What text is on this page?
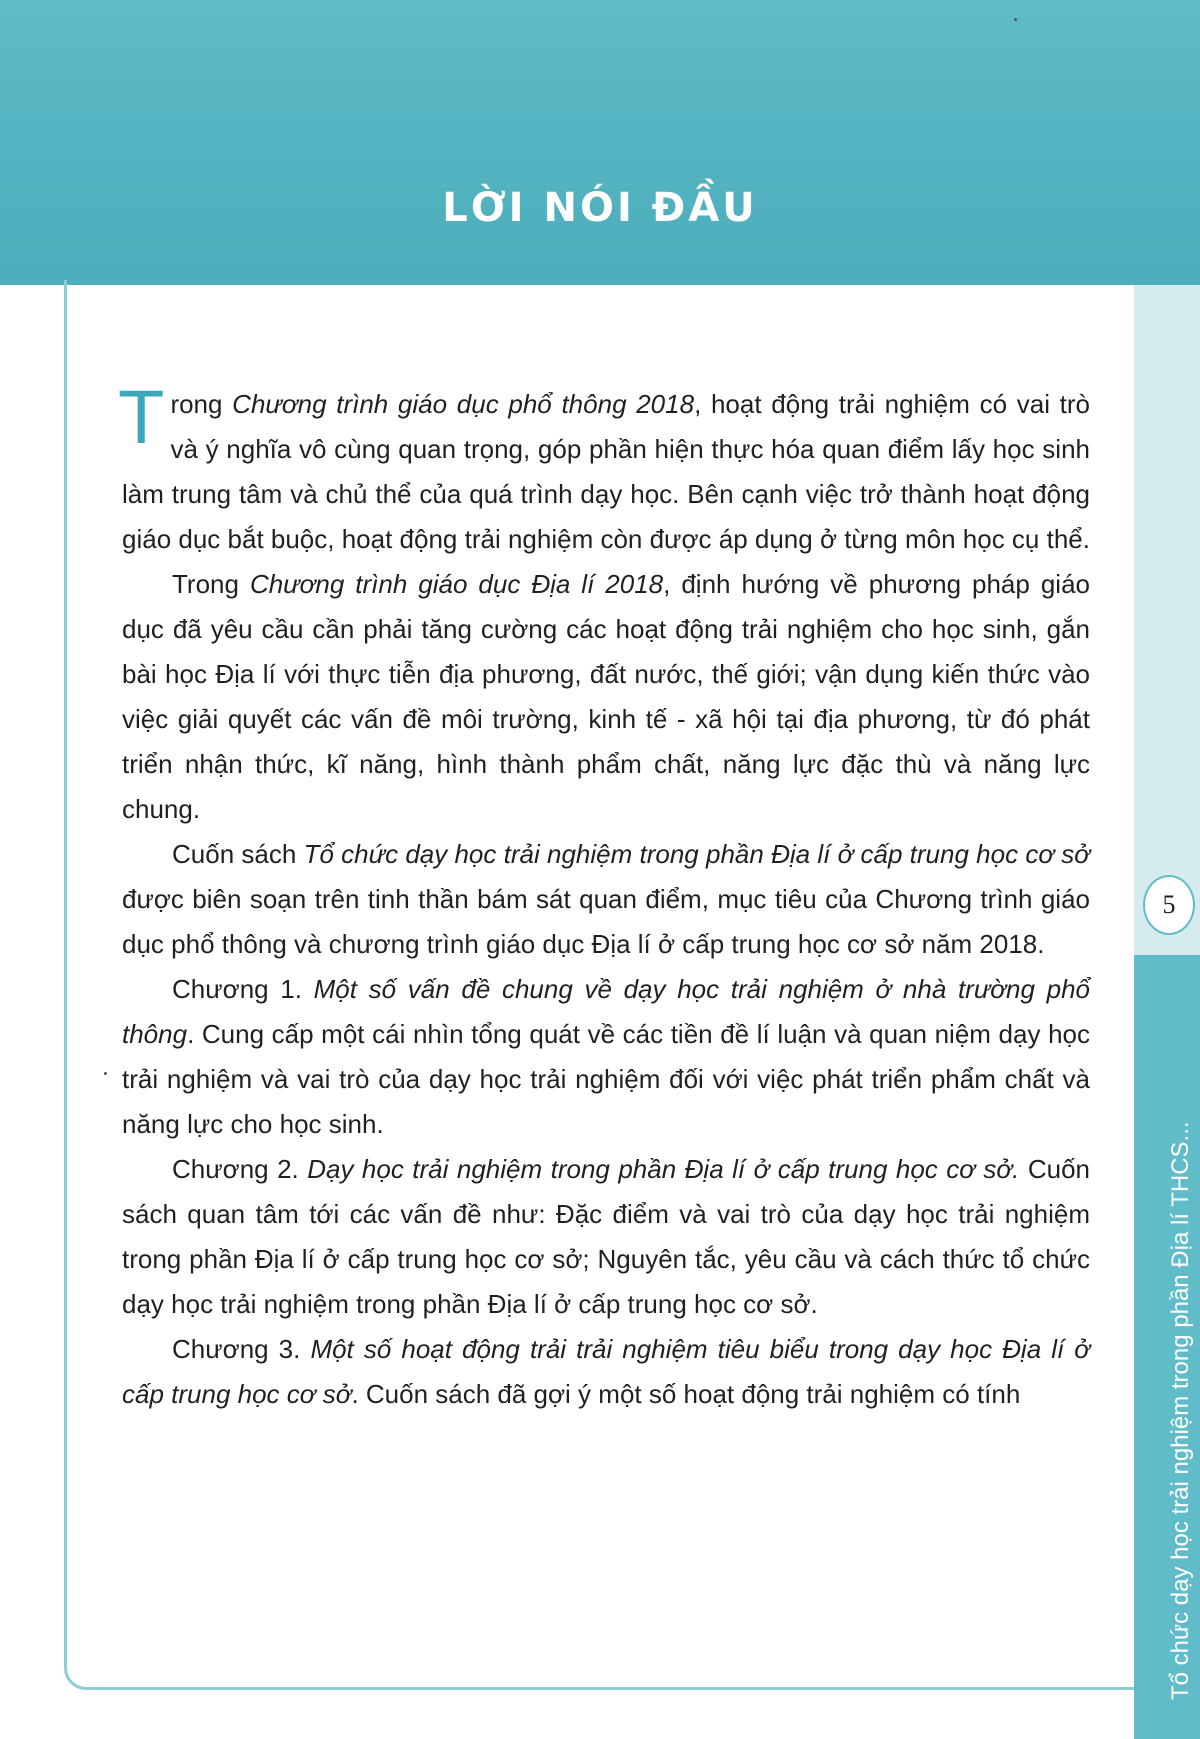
LỜI NÓI ĐẦU
5
Tổ chức dạy học trải nghiệm trong phần Địa lí THCS...

Trong Chương trình giáo dục phổ thông 2018, hoạt động trải nghiệm có vai trò và ý nghĩa vô cùng quan trọng, góp phần hiện thực hóa quan điểm lấy học sinh làm trung tâm và chủ thể của quá trình dạy học. Bên cạnh việc trở thành hoạt động giáo dục bắt buộc, hoạt động trải nghiệm còn được áp dụng ở từng môn học cụ thể.

Trong Chương trình giáo dục Địa lí 2018, định hướng về phương pháp giáo dục đã yêu cầu cần phải tăng cường các hoạt động trải nghiệm cho học sinh, gắn bài học Địa lí với thực tiễn địa phương, đất nước, thế giới; vận dụng kiến thức vào việc giải quyết các vấn đề môi trường, kinh tế - xã hội tại địa phương, từ đó phát triển nhận thức, kĩ năng, hình thành phẩm chất, năng lực đặc thù và năng lực chung.

Cuốn sách Tổ chức dạy học trải nghiệm trong phần Địa lí ở cấp trung học cơ sở được biên soạn trên tinh thần bám sát quan điểm, mục tiêu của Chương trình giáo dục phổ thông và chương trình giáo dục Địa lí ở cấp trung học cơ sở năm 2018.

Chương 1. Một số vấn đề chung về dạy học trải nghiệm ở nhà trường phổ thông. Cung cấp một cái nhìn tổng quát về các tiền đề lí luận và quan niệm dạy học trải nghiệm và vai trò của dạy học trải nghiệm đối với việc phát triển phẩm chất và năng lực cho học sinh.

Chương 2. Dạy học trải nghiệm trong phần Địa lí ở cấp trung học cơ sở. Cuốn sách quan tâm tới các vấn đề như: Đặc điểm và vai trò của dạy học trải nghiệm trong phần Địa lí ở cấp trung học cơ sở; Nguyên tắc, yêu cầu và cách thức tổ chức dạy học trải nghiệm trong phần Địa lí ở cấp trung học cơ sở.

Chương 3. Một số hoạt động trải trải nghiệm tiêu biểu trong dạy học Địa lí ở cấp trung học cơ sở. Cuốn sách đã gợi ý một số hoạt động trải nghiệm có tính
